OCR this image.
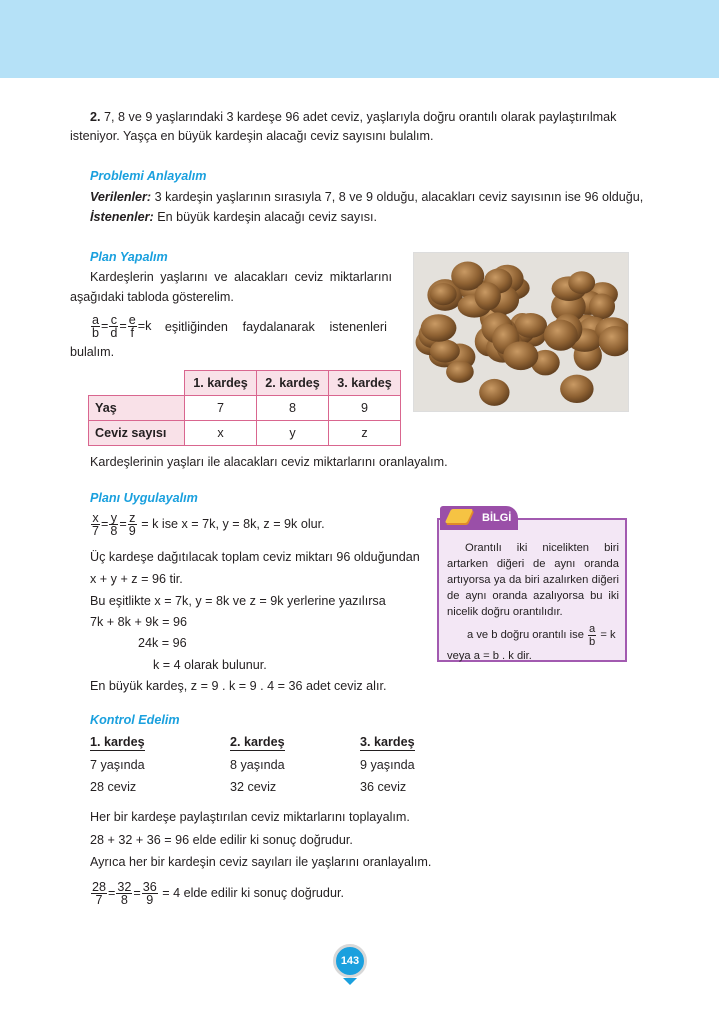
2. 7, 8 ve 9 yaşlarındaki 3 kardeşe 96 adet ceviz, yaşlarıyla doğru orantılı olarak paylaştırılmak
isteniyor. Yaşça en büyük kardeşin alacağı ceviz sayısını bulalım.
Problemi Anlayalım
Verilenler: 3 kardeşin yaşlarının sırasıyla 7, 8 ve 9 olduğu, alacakları ceviz sayısının ise 96 olduğu,
İstenenler: En büyük kardeşin alacağı ceviz sayısı.
Plan Yapalım
Kardeşlerin yaşlarını ve alacakları ceviz miktarlarını
aşağıdaki tabloda gösterelim.
$\frac{a}{b} = \frac{c}{d} = \frac{e}{f} =k$ eşitliğinden faydalanarak istenenleri
bulalım.
	1. kardeş	2. kardeş	3. kardeş
Yaş	7	8	9
Ceviz sayısı	x	y	z
Kardeşlerinin yaşları ile alacakları ceviz miktarlarını oranlayalım.
Planı Uygulayalım
$\frac{x}{7} = \frac{y}{8} = \frac{z}{9} = k$ ise x = 7k, y = 8k, z = 9k olur.
Üç kardeşe dağıtılacak toplam ceviz miktarı 96 olduğundan
x + y + z = 96 tir.
Bu eşitlikte x = 7k, y = 8k ve z = 9k yerlerine yazılırsa
7k + 8k + 9k = 96
24k = 96
k = 4 olarak bulunur.
En büyük kardeş, z = 9 . k = 9 . 4 = 36 adet ceviz alır.
Orantılı iki nicelikten biri artarken diğeri de aynı oranda artıyorsa ya da biri azalırken diğeri de aynı oranda azalıyorsa bu iki nicelik doğru orantılıdır.
a ve b doğru orantılı ise $\frac{a}{b} = k$
veya a = b . k dir.
BİLGİ
Kontrol Edelim
1. kardeş	2. kardeş	3. kardeş
7 yaşında	8 yaşında	9 yaşında
28 ceviz	32 ceviz	36 ceviz
Her bir kardeşe paylaştırılan ceviz miktarlarını toplayalım.
28 + 32 + 36 = 96 elde edilir ki sonuç doğrudur.
Ayrıca her bir kardeşin ceviz sayıları ile yaşlarını oranlayalım.
$\frac{28}{7} = \frac{32}{8} = \frac{36}{9} = 4$ elde edilir ki sonuç doğrudur.
143
